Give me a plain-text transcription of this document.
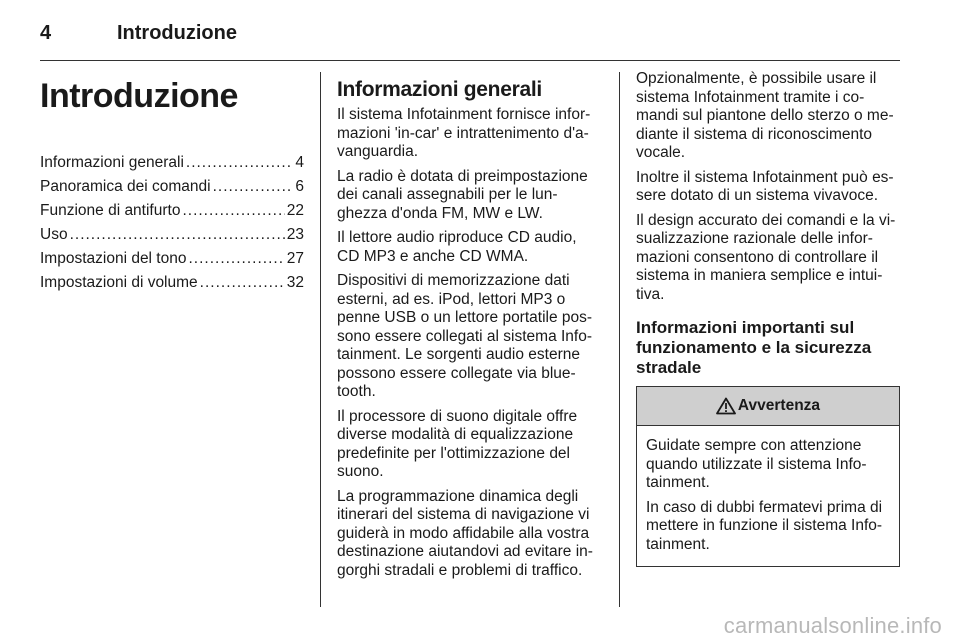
4	Introduzione
Introduzione
Informazioni generali .....	4
Panoramica dei comandi .....	6
Funzione di antifurto .....	22
Uso .....	23
Impostazioni del tono .....	27
Impostazioni di volume .....	32
Informazioni generali

Il sistema Infotainment fornisce infor-mazioni 'in-car' e intrattenimento d'a-vanguardia.

La radio è dotata di preimpostazione dei canali assegnabili per le lun-ghezza d'onda FM, MW e LW.

Il lettore audio riproduce CD audio, CD MP3 e anche CD WMA.

Dispositivi di memorizzazione dati esterni, ad es. iPod, lettori MP3 o penne USB o un lettore portatile pos-sono essere collegati al sistema Info-tainment. Le sorgenti audio esterne possono essere collegate via blue-tooth.

Il processore di suono digitale offre diverse modalità di equalizzazione predefinite per l'ottimizzazione del suono.

La programmazione dinamica degli itinerari del sistema di navigazione vi guiderà in modo affidabile alla vostra destinazione aiutandovi ad evitare in-gorghi stradali e problemi di traffico.

Opzionalmente, è possibile usare il sistema Infotainment tramite i co-mandi sul piantone dello sterzo o me-diante il sistema di riconoscimento vocale.

Inoltre il sistema Infotainment può es-sere dotato di un sistema vivavoce.

Il design accurato dei comandi e la vi-sualizzazione razionale delle infor-mazioni consentono di controllare il sistema in maniera semplice e intui-tiva.

Informazioni importanti sul funzionamento e la sicurezza stradale
Avvertenza

Guidate sempre con attenzione quando utilizzate il sistema Info-tainment.

In caso di dubbi fermatevi prima di mettere in funzione il sistema Info-tainment.

carmanualsonline.info
